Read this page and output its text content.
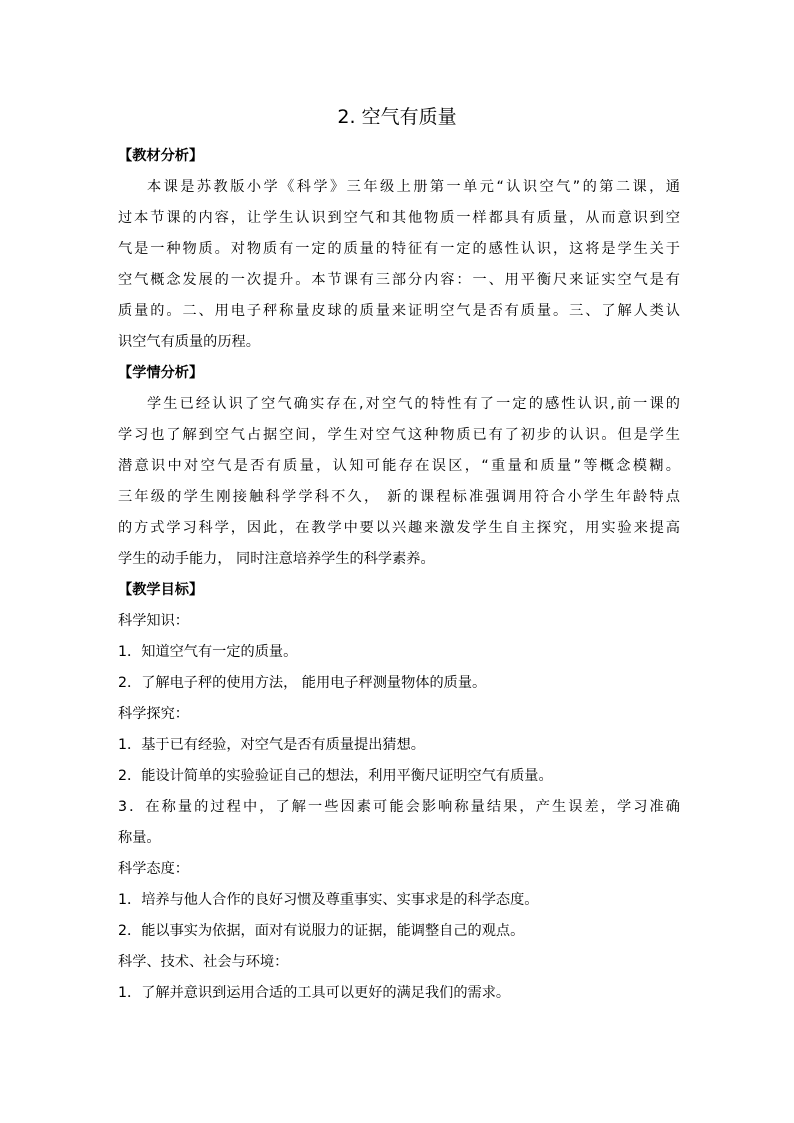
2. 空气有质量

【教材分析】

本课是苏教版小学《科学》三年级上册第一单元“认识空气”的第二课，通

过本节课的内容，让学生认识到空气和其他物质一样都具有质量，从而意识到空

气是一种物质。对物质有一定的质量的特征有一定的感性认识，这将是学生关于

空气概念发展的一次提升。本节课有三部分内容：一、用平衡尺来证实空气是有

质量的。二、用电子秤称量皮球的质量来证明空气是否有质量。三、了解人类认

识空气有质量的历程。

【学情分析】

学生已经认识了空气确实存在,对空气的特性有了一定的感性认识,前一课的

学习也了解到空气占据空间，学生对空气这种物质已有了初步的认识。但是学生

潜意识中对空气是否有质量，认知可能存在误区，“重量和质量”等概念模糊。

三年级的学生刚接触科学学科不久， 新的课程标准强调用符合小学生年龄特点

的方式学习科学，因此，在教学中要以兴趣来激发学生自主探究，用实验来提高

学生的动手能力， 同时注意培养学生的科学素养。

【教学目标】

科学知识：

1．知道空气有一定的质量。

2．了解电子秤的使用方法， 能用电子秤测量物体的质量。

科学探究：

1．基于已有经验，对空气是否有质量提出猜想。

2．能设计简单的实验验证自己的想法，利用平衡尺证明空气有质量。

3．在称量的过程中，了解一些因素可能会影响称量结果，产生误差，学习准确

称量。

科学态度：

1．培养与他人合作的良好习惯及尊重事实、实事求是的科学态度。

2．能以事实为依据，面对有说服力的证据，能调整自己的观点。

科学、技术、社会与环境：

1．了解并意识到运用合适的工具可以更好的满足我们的需求。
